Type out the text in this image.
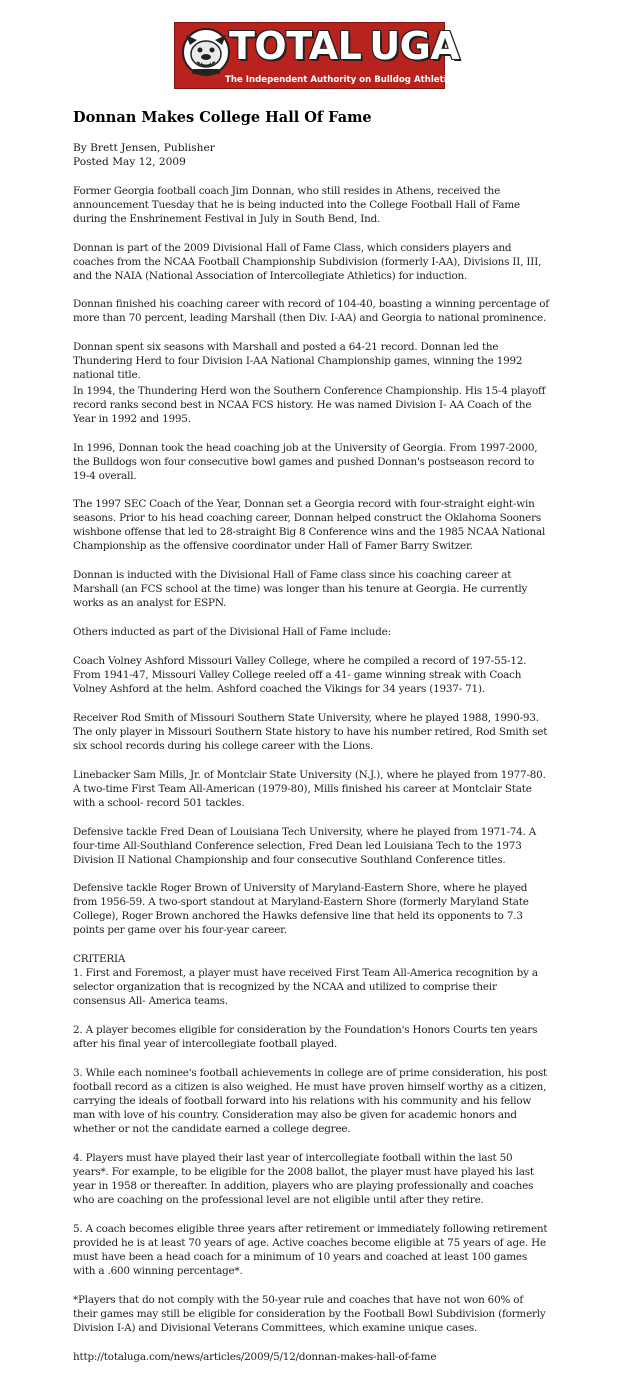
TOTAL UGA
The Independent Authority on Bulldog Athletics
Donnan Makes College Hall Of Fame
By Brett Jensen, Publisher
Posted May 12, 2009

Former Georgia football coach Jim Donnan, who still resides in Athens, received the announcement Tuesday that he is being inducted into the College Football Hall of Fame during the Enshrinement Festival in July in South Bend, Ind.

Donnan is part of the 2009 Divisional Hall of Fame Class, which considers players and coaches from the NCAA Football Championship Subdivision (formerly I-AA), Divisions II, III, and the NAIA (National Association of Intercollegiate Athletics) for induction.

Donnan finished his coaching career with record of 104-40, boasting a winning percentage of more than 70 percent, leading Marshall (then Div. I-AA) and Georgia to national prominence.

Donnan spent six seasons with Marshall and posted a 64-21 record. Donnan led the Thundering Herd to four Division I-AA National Championship games, winning the 1992 national title.

In 1994, the Thundering Herd won the Southern Conference Championship. His 15-4 playoff record ranks second best in NCAA FCS history. He was named Division I- AA Coach of the Year in 1992 and 1995.

In 1996, Donnan took the head coaching job at the University of Georgia. From 1997-2000, the Bulldogs won four consecutive bowl games and pushed Donnan's postseason record to 19-4 overall.

The 1997 SEC Coach of the Year, Donnan set a Georgia record with four-straight eight-win seasons. Prior to his head coaching career, Donnan helped construct the Oklahoma Sooners wishbone offense that led to 28-straight Big 8 Conference wins and the 1985 NCAA National Championship as the offensive coordinator under Hall of Famer Barry Switzer.

Donnan is inducted with the Divisional Hall of Fame class since his coaching career at Marshall (an FCS school at the time) was longer than his tenure at Georgia. He currently works as an analyst for ESPN.

Others inducted as part of the Divisional Hall of Fame include:

Coach Volney Ashford Missouri Valley College, where he compiled a record of 197-55-12. From 1941-47, Missouri Valley College reeled off a 41- game winning streak with Coach Volney Ashford at the helm. Ashford coached the Vikings for 34 years (1937- 71).

Receiver Rod Smith of Missouri Southern State University, where he played 1988, 1990-93. The only player in Missouri Southern State history to have his number retired, Rod Smith set six school records during his college career with the Lions.

Linebacker Sam Mills, Jr. of Montclair State University (N.J.), where he played from 1977-80. A two-time First Team All-American (1979-80), Mills finished his career at Montclair State with a school- record 501 tackles.

Defensive tackle Fred Dean of Louisiana Tech University, where he played from 1971-74. A four-time All-Southland Conference selection, Fred Dean led Louisiana Tech to the 1973 Division II National Championship and four consecutive Southland Conference titles.

Defensive tackle Roger Brown of University of Maryland-Eastern Shore, where he played from 1956-59. A two-sport standout at Maryland-Eastern Shore (formerly Maryland State College), Roger Brown anchored the Hawks defensive line that held its opponents to 7.3 points per game over his four-year career.

CRITERIA
1. First and Foremost, a player must have received First Team All-America recognition by a selector organization that is recognized by the NCAA and utilized to comprise their consensus All- America teams.

2. A player becomes eligible for consideration by the Foundation's Honors Courts ten years after his final year of intercollegiate football played.

3. While each nominee's football achievements in college are of prime consideration, his post football record as a citizen is also weighed. He must have proven himself worthy as a citizen, carrying the ideals of football forward into his relations with his community and his fellow man with love of his country. Consideration may also be given for academic honors and whether or not the candidate earned a college degree.

4. Players must have played their last year of intercollegiate football within the last 50 years*. For example, to be eligible for the 2008 ballot, the player must have played his last year in 1958 or thereafter. In addition, players who are playing professionally and coaches who are coaching on the professional level are not eligible until after they retire.

5. A coach becomes eligible three years after retirement or immediately following retirement provided he is at least 70 years of age. Active coaches become eligible at 75 years of age. He must have been a head coach for a minimum of 10 years and coached at least 100 games with a .600 winning percentage*.

*Players that do not comply with the 50-year rule and coaches that have not won 60% of their games may still be eligible for consideration by the Football Bowl Subdivision (formerly Division I-A) and Divisional Veterans Committees, which examine unique cases.

http://totaluga.com/news/articles/2009/5/12/donnan-makes-hall-of-fame
